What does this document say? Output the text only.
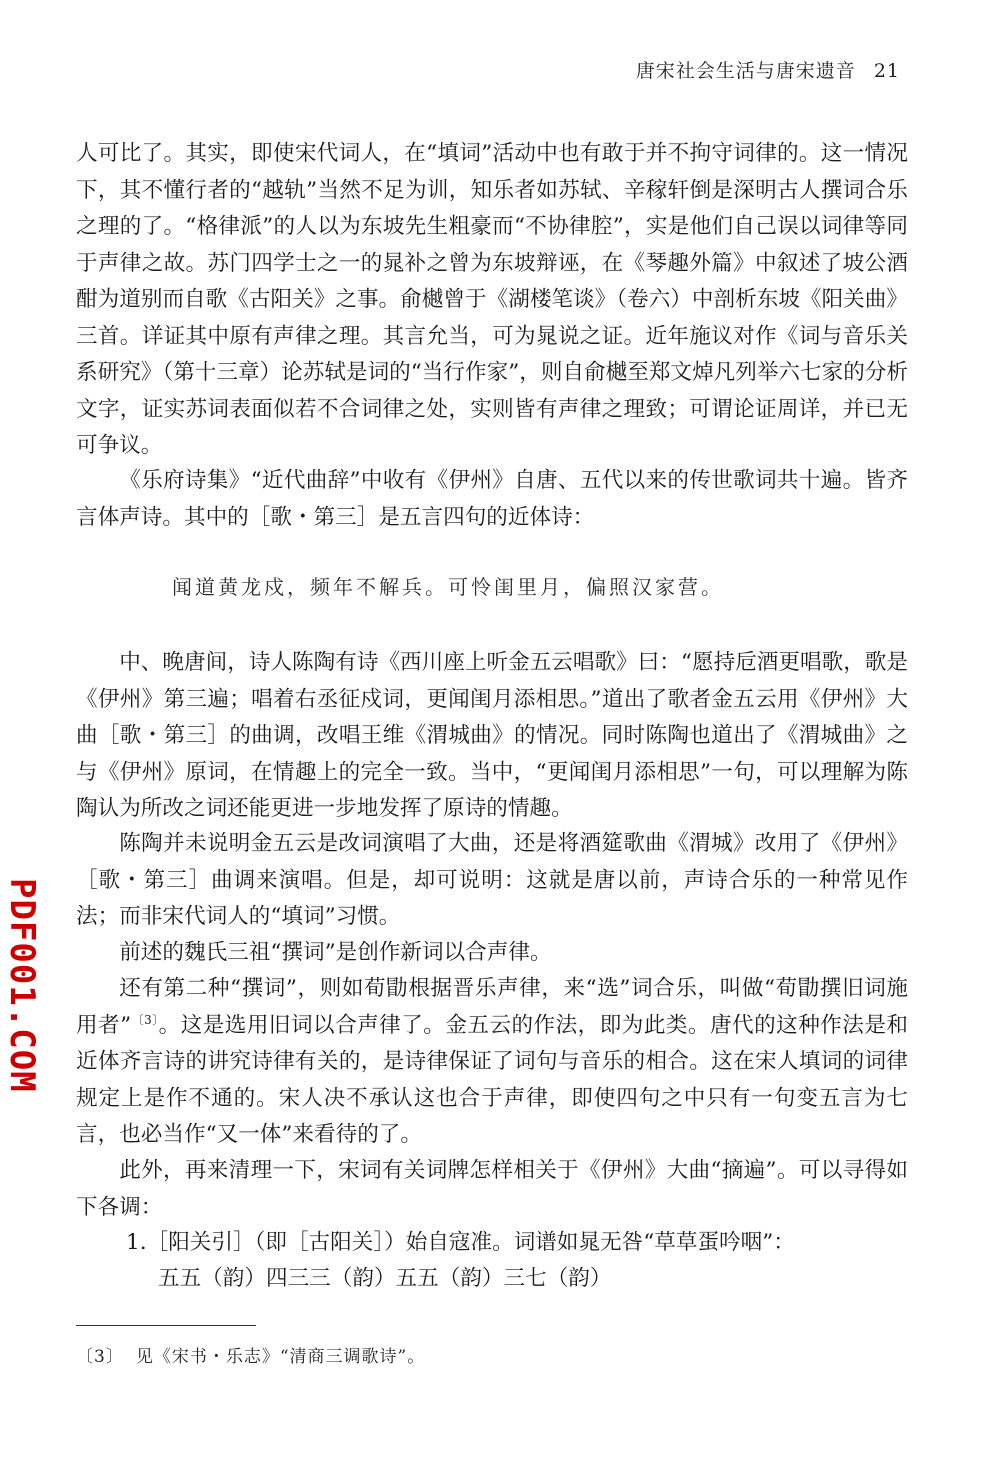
唐宋社会生活与唐宋遗音 21

人可比了。其实，即使宋代词人，在“填词”活动中也有敢于并不拘守词律的。这一情况下，其不懂行者的“越轨”当然不足为训，知乐者如苏轼、辛稼轩倒是深明古人撰词合乐之理的了。“格律派”的人以为东坡先生粗豪而“不协律腔”，实是他们自己误以词律等同于声律之故。苏门四学士之一的晁补之曾为东坡辩诬，在《琴趣外篇》中叙述了坡公酒酣为道别而自歌《古阳关》之事。俞樾曾于《湖楼笔谈》（卷六）中剖析东坡《阳关曲》三首。详证其中原有声律之理。其言允当，可为晁说之证。近年施议对作《词与音乐关系研究》（第十三章）论苏轼是词的“当行作家”，则自俞樾至郑文焯凡列举六七家的分析文字，证实苏词表面似若不合词律之处，实则皆有声律之理致；可谓论证周详，并已无可争议。

《乐府诗集》“近代曲辞”中收有《伊州》自唐、五代以来的传世歌词共十遍。皆齐言体声诗。其中的［歌・第三］是五言四句的近体诗：

闻道黄龙戍，频年不解兵。可怜闺里月，偏照汉家营。

中、晚唐间，诗人陈陶有诗《西川座上听金五云唱歌》曰：“愿持卮酒更唱歌，歌是《伊州》第三遍；唱着右丞征戍词，更闻闺月添相思。”道出了歌者金五云用《伊州》大曲［歌・第三］的曲调，改唱王维《渭城曲》的情况。同时陈陶也道出了《渭城曲》之与《伊州》原词，在情趣上的完全一致。当中，“更闻闺月添相思”一句，可以理解为陈陶认为所改之词还能更进一步地发挥了原诗的情趣。

陈陶并未说明金五云是改词演唱了大曲，还是将酒筵歌曲《渭城》改用了《伊州》［歌・第三］曲调来演唱。但是，却可说明：这就是唐以前，声诗合乐的一种常见作法；而非宋代词人的“填词”习惯。

前述的魏氏三祖“撰词”是创作新词以合声律。

还有第二种“撰词”，则如荀勖根据晋乐声律，来“选”词合乐，叫做“荀勖撰旧词施用者”$^{〔3〕}$。这是选用旧词以合声律了。金五云的作法，即为此类。唐代的这种作法是和近体齐言诗的讲究诗律有关的，是诗律保证了词句与音乐的相合。这在宋人填词的词律规定上是作不通的。宋人决不承认这也合于声律，即使四句之中只有一句变五言为七言，也必当作“又一体”来看待的了。

此外，再来清理一下，宋词有关词牌怎样相关于《伊州》大曲“摘遍”。可以寻得如下各调：

1.［阳关引］（即［古阳关］）始自寇准。词谱如晁无咎“草草蛋吟咽”：

五五（韵）四三三（韵）五五（韵）三七（韵）

〔3〕 见《宋书・乐志》“清商三调歌诗”。
PDF001.COM
